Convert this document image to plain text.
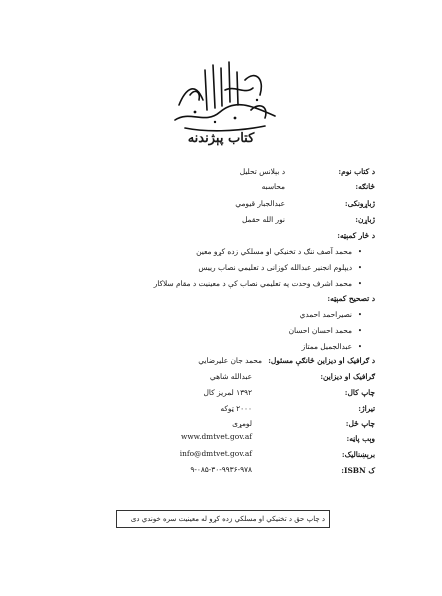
کتاب پېژندنه
د کتاب نوم:
د بېلانس تحلیل
څانګه:
محاسبه
ژباړونکی:
عبدالجبار قیومي
ژباړن:
نور الله حقمل
د څار کمېټه:
•
محمد آصف ننګ د تخنیکي او مسلکي زده کړو معین
•
دیپلوم انجنیر عبدالله کوزانی د تعلیمي نصاب رییس
•
محمد اشرف وحدت په تعلیمي نصاب کې د معینیت د مقام سلاکار
د تصحیح کمېټه:
•
نصیراحمد احمدي
•
محمد احسان احسان
•
عبدالجمیل ممتاز
د ګرافیک او دیزاین څانګې مسئول:
محمد جان علیرضایي
ګرافیک او دیزاین:
عبدالله شاهي
چاپ کال:
۱۳۹۲ لمریز کال
تیراژ:
۲۰۰۰ ټوکه
چاپ ځل:
لومړی
وېب پاڼه:
www.dmtvet.gov.af
برېښنالیک:
info@dmtvet.gov.af
ک ISBN:
۹-۰۸۵-۳۰-۹۹۳۶-۹۷۸
د چاپ حق د تخنیکي او مسلکي زده کړو له معینیت سره خوندي دی
